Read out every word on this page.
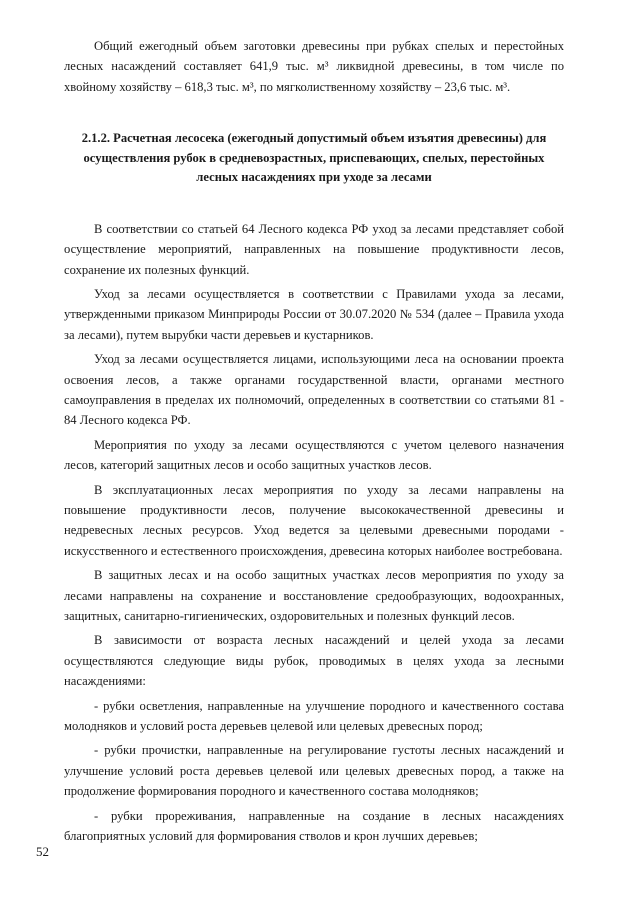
Общий ежегодный объем заготовки древесины при рубках спелых и перестойных лесных насаждений составляет 641,9 тыс. м³ ликвидной древесины, в том числе по хвойному хозяйству – 618,3 тыс. м³, по мягколиственному хозяйству – 23,6 тыс. м³.

2.1.2. Расчетная лесосека (ежегодный допустимый объем изъятия древесины) для осуществления рубок в средневозрастных, приспевающих, спелых, перестойных лесных насаждениях при уходе за лесами

В соответствии со статьей 64 Лесного кодекса РФ уход за лесами представляет собой осуществление мероприятий, направленных на повышение продуктивности лесов, сохранение их полезных функций.

Уход за лесами осуществляется в соответствии с Правилами ухода за лесами, утвержденными приказом Минприроды России от 30.07.2020 № 534 (далее – Правила ухода за лесами), путем вырубки части деревьев и кустарников.

Уход за лесами осуществляется лицами, использующими леса на основании проекта освоения лесов, а также органами государственной власти, органами местного самоуправления в пределах их полномочий, определенных в соответствии со статьями 81 - 84 Лесного кодекса РФ.

Мероприятия по уходу за лесами осуществляются с учетом целевого назначения лесов, категорий защитных лесов и особо защитных участков лесов.

В эксплуатационных лесах мероприятия по уходу за лесами направлены на повышение продуктивности лесов, получение высококачественной древесины и недревесных лесных ресурсов. Уход ведется за целевыми древесными породами - искусственного и естественного происхождения, древесина которых наиболее востребована.

В защитных лесах и на особо защитных участках лесов мероприятия по уходу за лесами направлены на сохранение и восстановление средообразующих, водоохранных, защитных, санитарно-гигиенических, оздоровительных и полезных функций лесов.

В зависимости от возраста лесных насаждений и целей ухода за лесами осуществляются следующие виды рубок, проводимых в целях ухода за лесными насаждениями:

- рубки осветления, направленные на улучшение породного и качественного состава молодняков и условий роста деревьев целевой или целевых древесных пород;

- рубки прочистки, направленные на регулирование густоты лесных насаждений и улучшение условий роста деревьев целевой или целевых древесных пород, а также на продолжение формирования породного и качественного состава молодняков;

- рубки прореживания, направленные на создание в лесных насаждениях благоприятных условий для формирования стволов и крон лучших деревьев;

52
